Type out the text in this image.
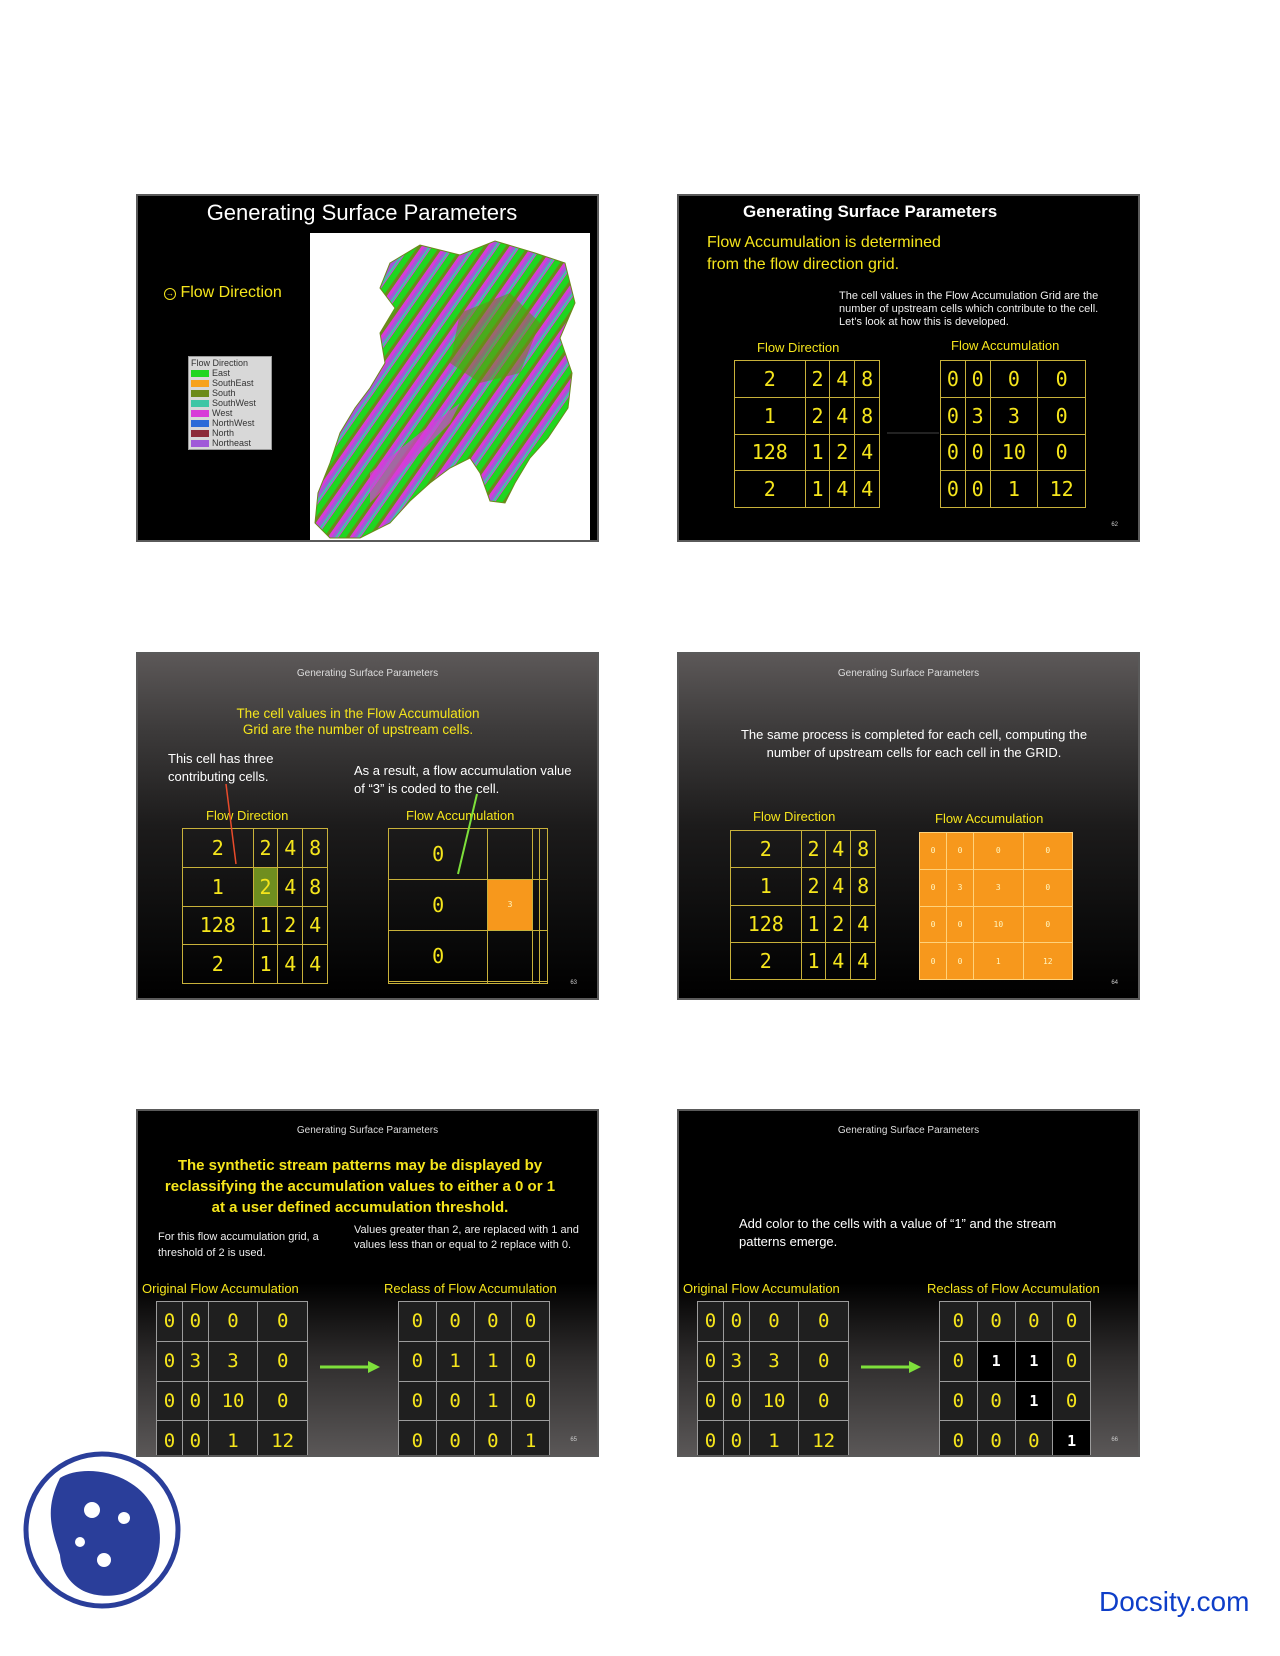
Generating Surface Parameters
→ Flow Direction
Flow Direction
East
SouthEast
South
SouthWest
West
NorthWest
North
Northeast
Generating Surface Parameters
Flow Accumulation is determined
from the flow direction grid.
The cell values in the Flow Accumulation Grid are the number of upstream cells which contribute to the cell. Let’s look at how this is developed.
Flow Direction	Flow Accumulation
2	2	4	8
1	2	4	8
128	1	2	4
2	1	4	4
0	0	0	0
0	3	3	0
0	0	10	0
0	0	1	12
62
Generating Surface Parameters
The cell values in the Flow Accumulation Grid are the number of upstream cells.
This cell has three contributing cells.	As a result, a flow accumulation value of “3” is coded to the cell.
Flow Direction	Flow Accumulation
2	2	4	8
1	2	4	8
128	1	2	4
2	1	4	4
0			
0	3		
0			

63
Generating Surface Parameters
The same process is completed for each cell, computing the number of upstream cells for each cell in the GRID.
Flow Direction	Flow Accumulation
2	2	4	8
1	2	4	8
128	1	2	4
2	1	4	4
0	0	0	0
0	3	3	0
0	0	10	0
0	0	1	12
64
Generating Surface Parameters
The synthetic stream patterns may be displayed by reclassifying the accumulation values to either a 0 or 1 at a user defined accumulation threshold.
For this flow accumulation grid, a threshold of 2 is used.
Values greater than 2, are replaced with 1 and values less than or equal to 2 replace with 0.
Original Flow Accumulation	Reclass of Flow Accumulation
0	0	0	0
0	3	3	0
0	0	10	0
0	0	1	12
0	0	0	0
0	1	1	0
0	0	1	0
0	0	0	1	65
Generating Surface Parameters
Add color to the cells with a value of “1” and the stream patterns emerge.
Original Flow Accumulation	Reclass of Flow Accumulation
0	0	0	0
0	3	3	0
0	0	10	0
0	0	1	12
0	0	0	0
0	1	1	0
0	0	1	0
0	0	0	1	66
Docsity.com
